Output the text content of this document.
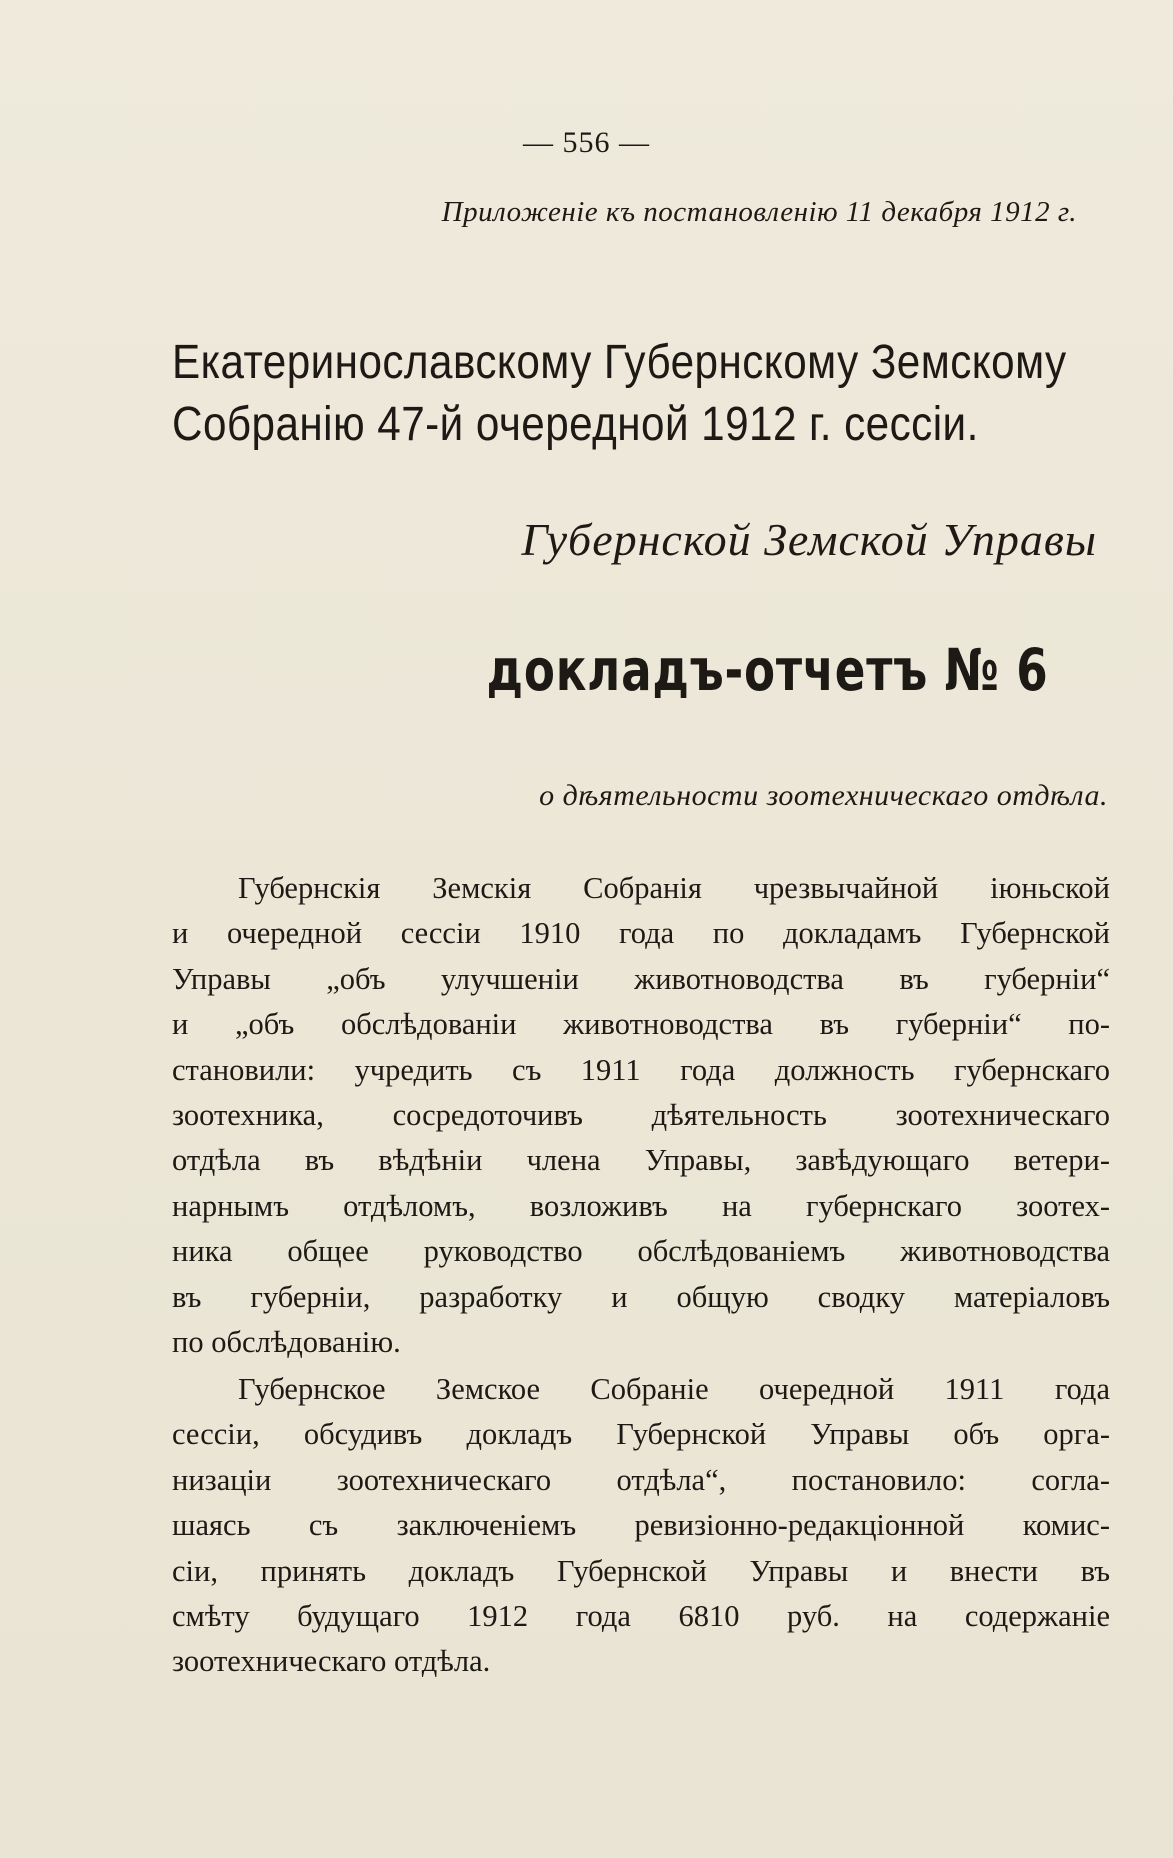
— 556 —
Приложеніе къ постановленію 11 декабря 1912 г.
Екатеринославскому Губернскому Земскому
Собранію 47-й очередной 1912 г. сессіи.
Губернской Земской Управы
докладъ-отчетъ № 6
о дѣятельности зоотехническаго отдѣла.
Губернскія Земскія Собранія чрезвычайной іюньской
и очередной сессіи 1910 года по докладамъ Губернской
Управы „объ улучшеніи животноводства въ губерніи“
и „объ обслѣдованіи животноводства въ губерніи“ по-
становили: учредить съ 1911 года должность губернскаго
зоотехника, сосредоточивъ дѣятельность зоотехническаго
отдѣла въ вѣдѣніи члена Управы, завѣдующаго ветери-
нарнымъ отдѣломъ, возложивъ на губернскаго зоотех-
ника общее руководство обслѣдованіемъ животноводства
въ губерніи, разработку и общую сводку матеріаловъ
по обслѣдованію.
Губернское Земское Собраніе очередной 1911 года
сессіи, обсудивъ докладъ Губернской Управы объ орга-
низаціи зоотехническаго отдѣла“, постановило: согла-
шаясь съ заключеніемъ ревизіонно-редакціонной комис-
сіи, принять докладъ Губернской Управы и внести въ
смѣту будущаго 1912 года 6810 руб. на содержаніе
зоотехническаго отдѣла.
